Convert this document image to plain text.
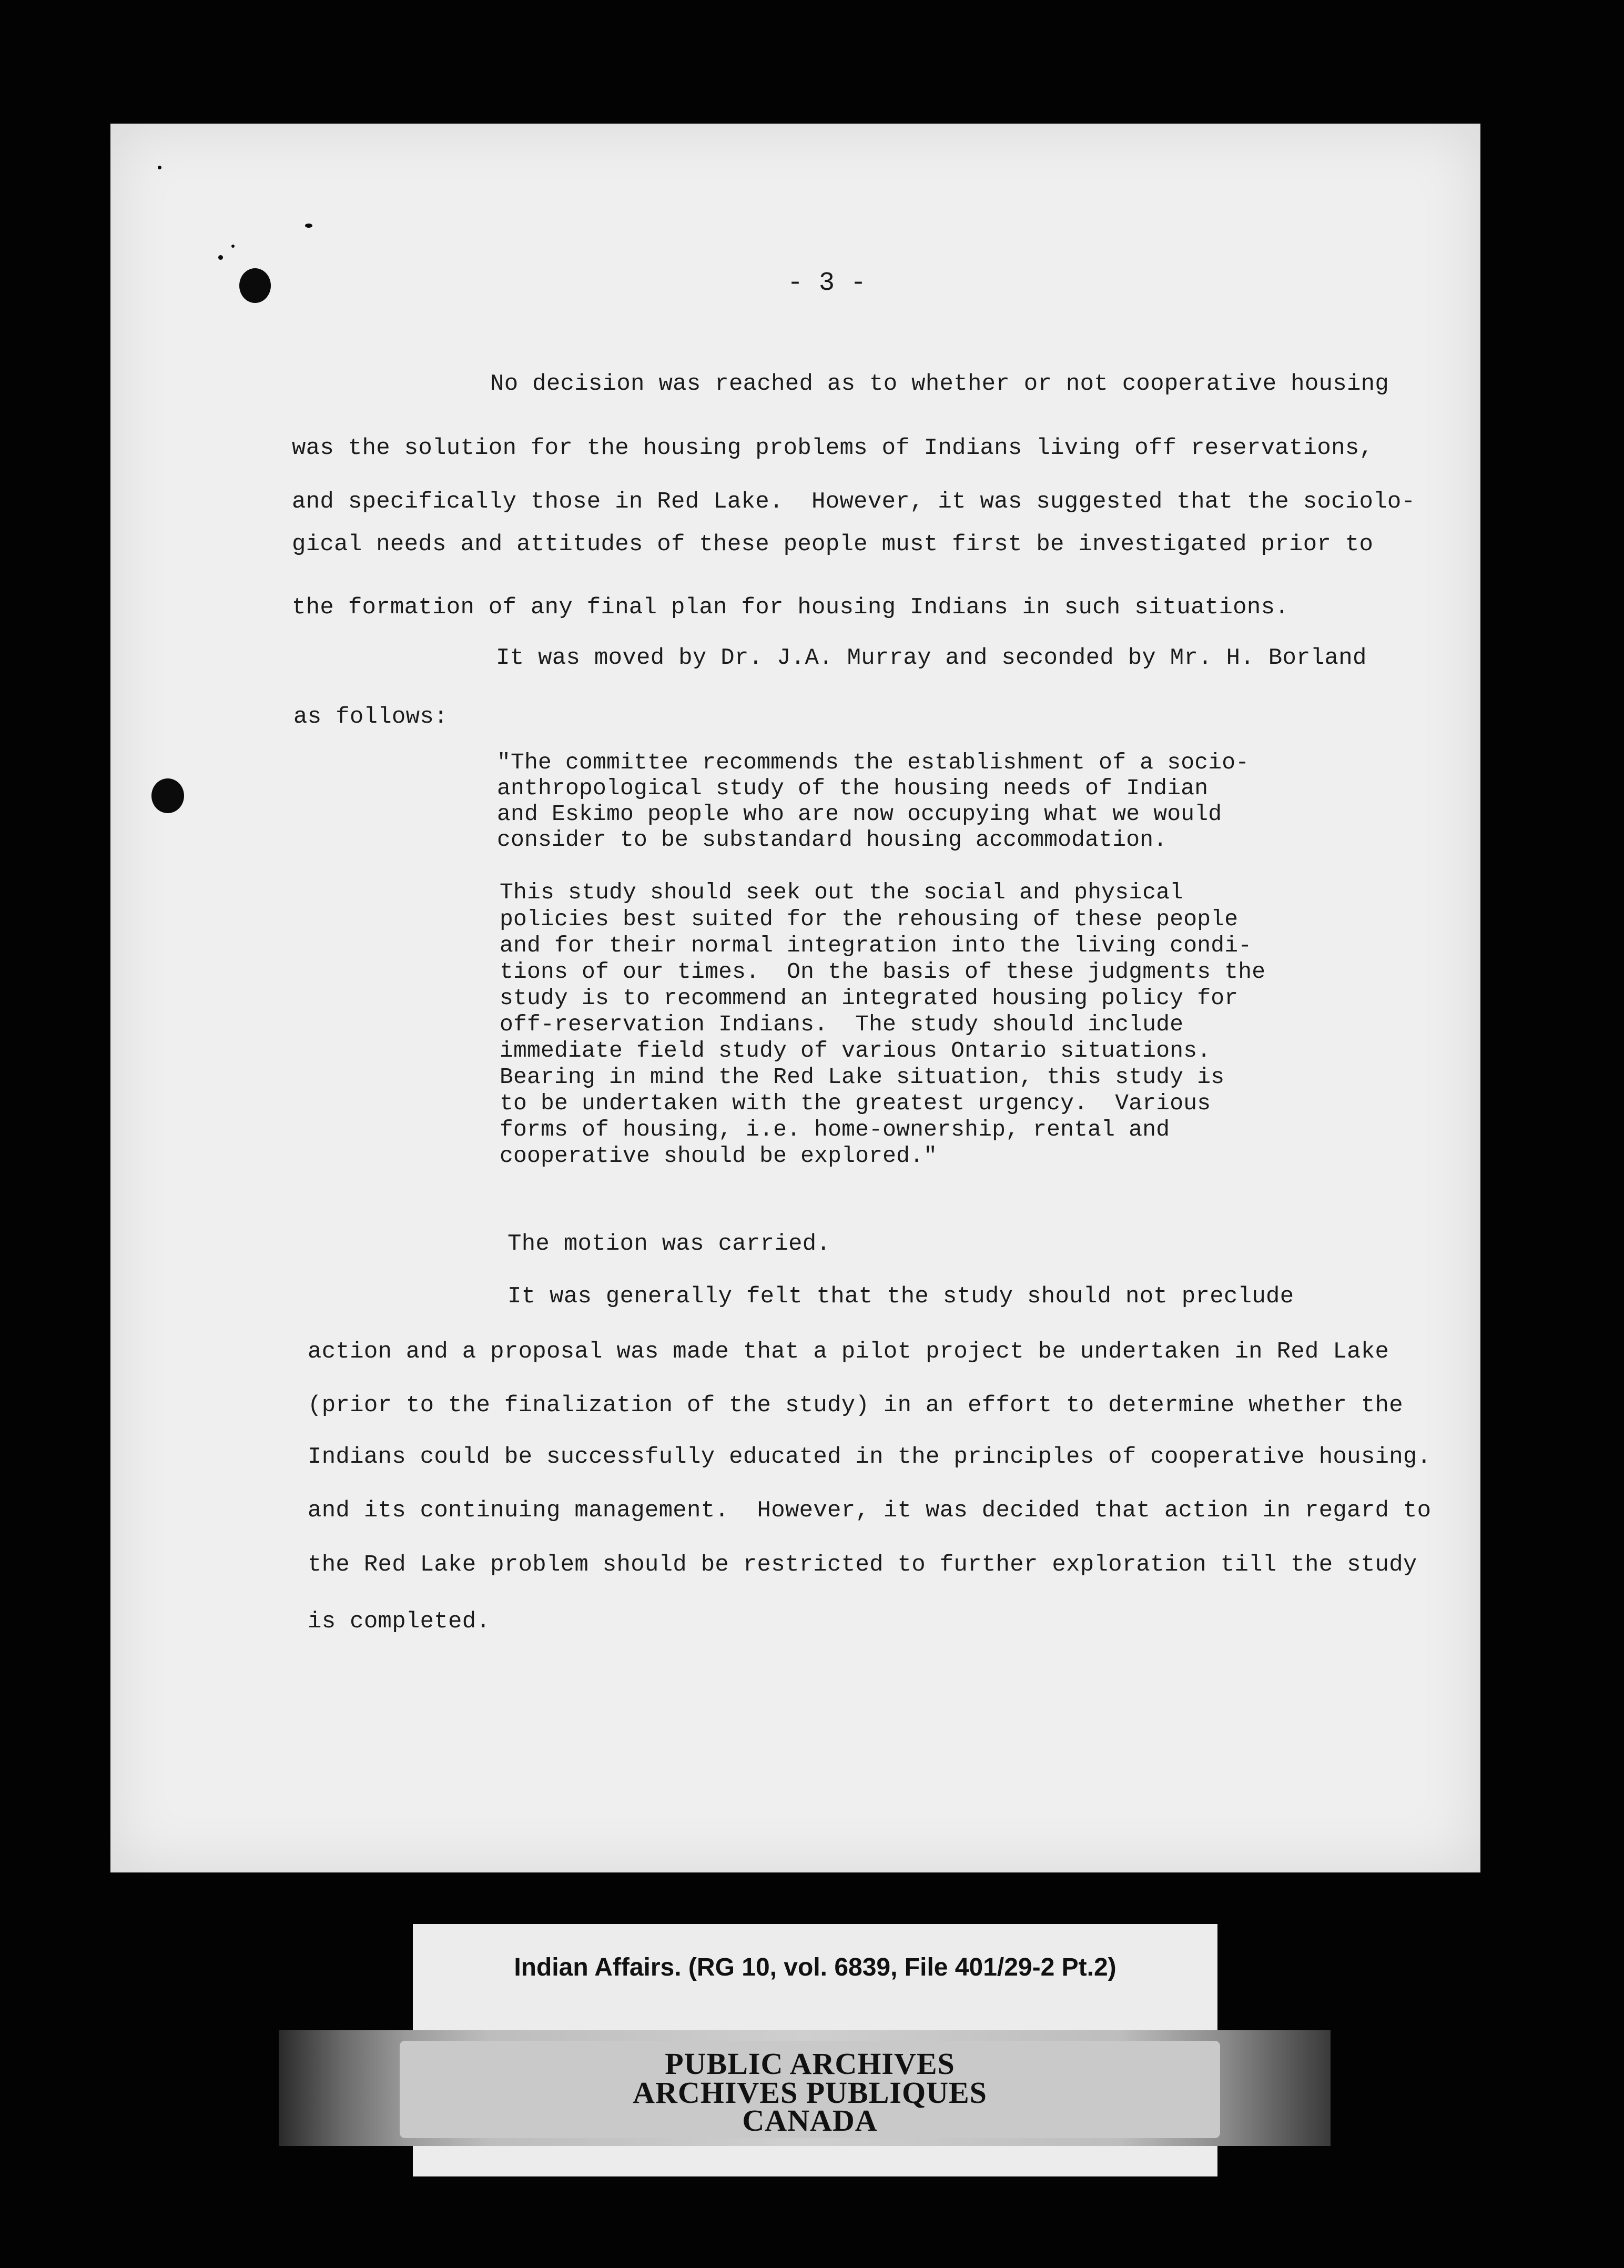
- 3 -
No decision was reached as to whether or not cooperative housing
was the solution for the housing problems of Indians living off reservations,
and specifically those in Red Lake.  However, it was suggested that the sociolo-
gical needs and attitudes of these people must first be investigated prior to
the formation of any final plan for housing Indians in such situations.
It was moved by Dr. J.A. Murray and seconded by Mr. H. Borland
as follows:
"The committee recommends the establishment of a socio-
anthropological study of the housing needs of Indian
and Eskimo people who are now occupying what we would
consider to be substandard housing accommodation.
This study should seek out the social and physical
policies best suited for the rehousing of these people
and for their normal integration into the living condi-
tions of our times.  On the basis of these judgments the
study is to recommend an integrated housing policy for
off-reservation Indians.  The study should include
immediate field study of various Ontario situations.
Bearing in mind the Red Lake situation, this study is
to be undertaken with the greatest urgency.  Various
forms of housing, i.e. home-ownership, rental and
cooperative should be explored."
The motion was carried.
It was generally felt that the study should not preclude
action and a proposal was made that a pilot project be undertaken in Red Lake
(prior to the finalization of the study) in an effort to determine whether the
Indians could be successfully educated in the principles of cooperative housing.
and its continuing management.  However, it was decided that action in regard to
the Red Lake problem should be restricted to further exploration till the study
is completed.
Indian Affairs. (RG 10, vol. 6839, File 401/29-2 Pt.2)
PUBLIC ARCHIVES
ARCHIVES PUBLIQUES
CANADA
